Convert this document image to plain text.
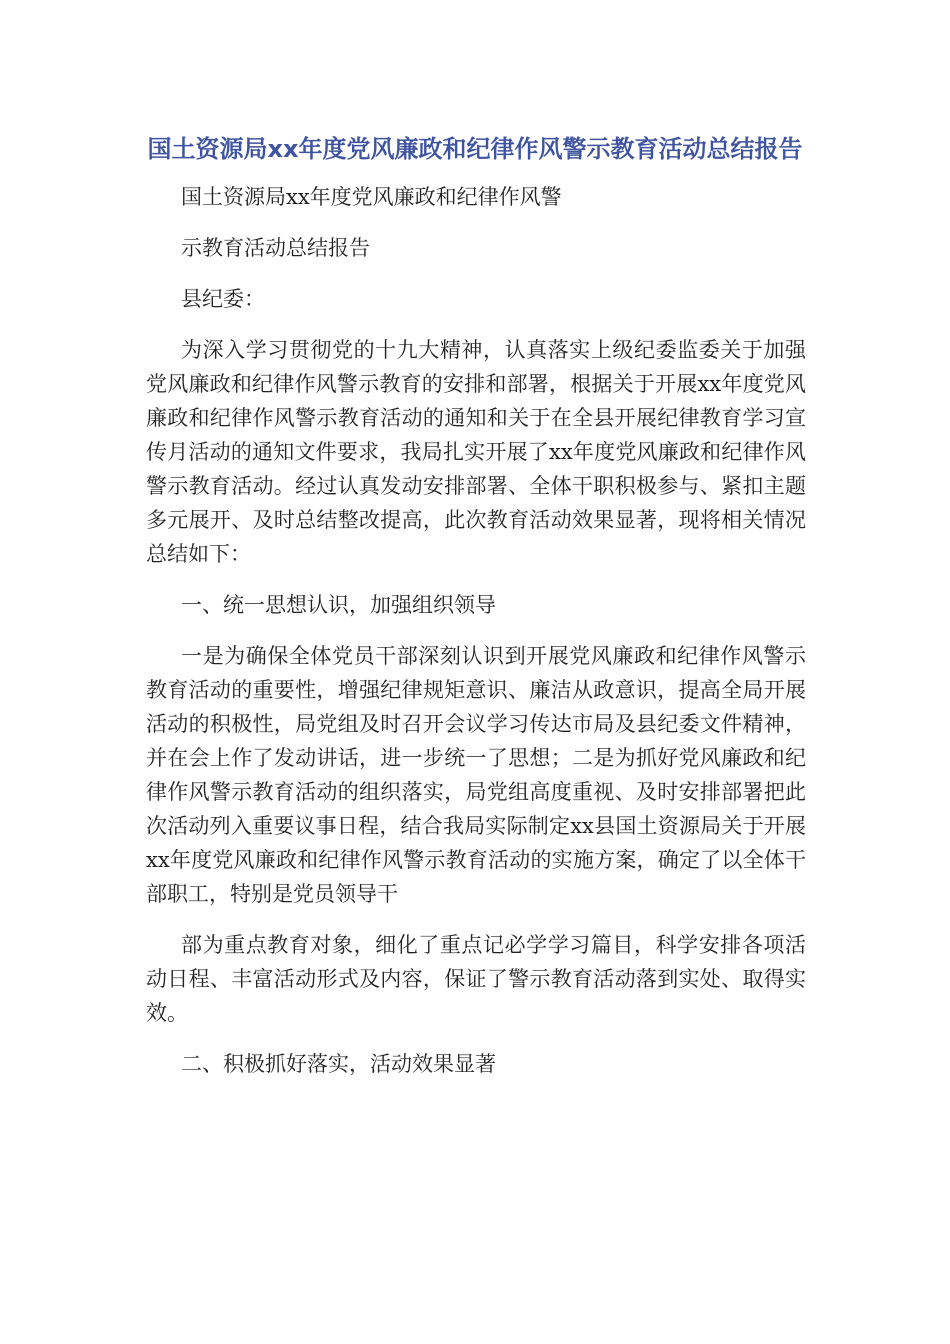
国土资源局xx年度党风廉政和纪律作风警示教育活动总结报告

国土资源局xx年度党风廉政和纪律作风警

示教育活动总结报告

县纪委：

为深入学习贯彻党的十九大精神，认真落实上级纪委监委关于加强党风廉政和纪律作风警示教育的安排和部署，根据关于开展xx年度党风廉政和纪律作风警示教育活动的通知和关于在全县开展纪律教育学习宣传月活动的通知文件要求，我局扎实开展了xx年度党风廉政和纪律作风警示教育活动。经过认真发动安排部署、全体干职积极参与、紧扣主题多元展开、及时总结整改提高，此次教育活动效果显著，现将相关情况总结如下：

一、统一思想认识，加强组织领导

一是为确保全体党员干部深刻认识到开展党风廉政和纪律作风警示教育活动的重要性，增强纪律规矩意识、廉洁从政意识，提高全局开展活动的积极性，局党组及时召开会议学习传达市局及县纪委文件精神，并在会上作了发动讲话，进一步统一了思想；二是为抓好党风廉政和纪律作风警示教育活动的组织落实，局党组高度重视、及时安排部署把此次活动列入重要议事日程，结合我局实际制定xx县国土资源局关于开展xx年度党风廉政和纪律作风警示教育活动的实施方案，确定了以全体干部职工，特别是党员领导干

部为重点教育对象，细化了重点记必学学习篇目，科学安排各项活动日程、丰富活动形式及内容，保证了警示教育活动落到实处、取得实效。

二、积极抓好落实，活动效果显著
